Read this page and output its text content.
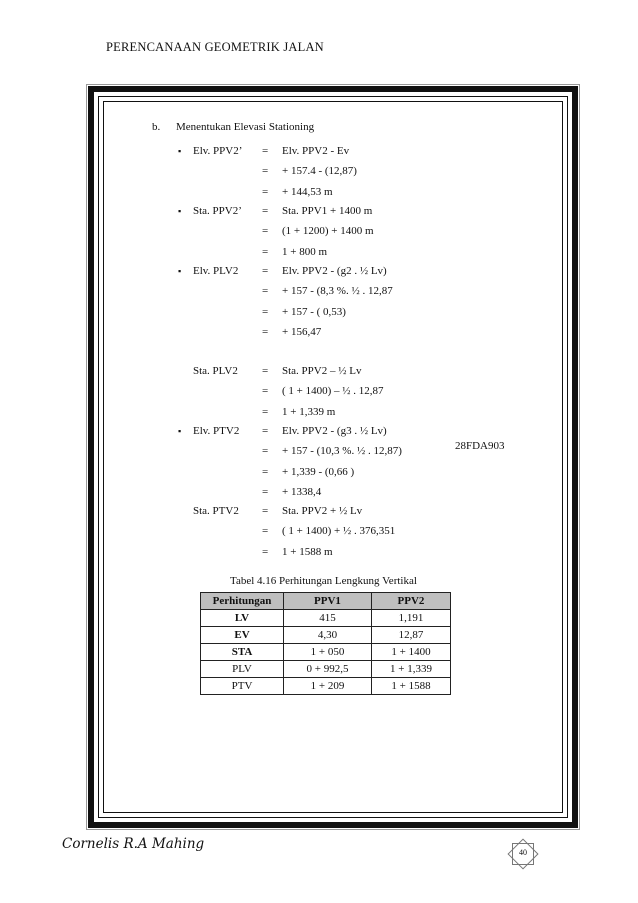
PERENCANAAN GEOMETRIK JALAN
b. Menentukan Elevasi Stationing
▪ Elv. PPV2’ = Elv. PPV2 - Ev
= + 157.4 - (12,87)
= + 144,53 m
▪ Sta. PPV2’ = Sta. PPV1 + 1400 m
= (1 + 1200) + 1400 m
= 1 + 800 m
▪ Elv. PLV2 = Elv. PPV2 - (g2 . ½ Lv)
= + 157 - (8,3 %. ½ . 12,87
= + 157 - ( 0,53)
= + 156,47
Sta. PLV2 = Sta. PPV2 – ½ Lv
= ( 1 + 1400) – ½ . 12,87
= 1 + 1,339 m
▪ Elv. PTV2 = Elv. PPV2 - (g3 . ½ Lv)
= + 157 - (10,3 %. ½ . 12,87)
= + 1,339 - (0,66 )
= + 1338,4
Sta. PTV2 = Sta. PPV2 + ½ Lv
= ( 1 + 1400) + ½ . 376,351
= 1 + 1588 m
28FDA903
Tabel 4.16 Perhitungan Lengkung Vertikal
Perhitungan	PPV1	PPV2
LV	415	1,191
EV	4,30	12,87
STA	1 + 050	1 + 1400
PLV	0 + 992,5	1 + 1,339
PTV	1 + 209	1 + 1588
Cornelis R.A Mahing
40
